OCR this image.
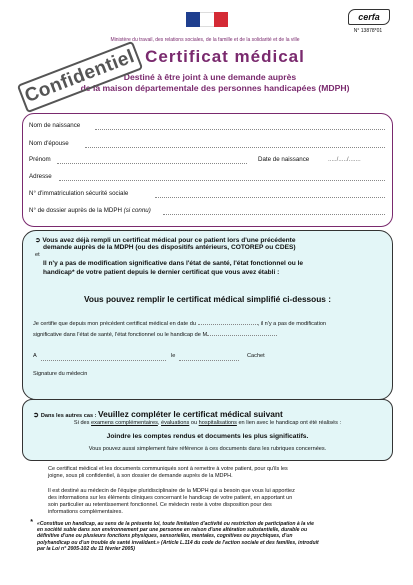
Ministère du travail, des relations sociales, de la famille et de la solidarité et de la ville
cerfa
N° 13878*01
Certificat médical
Destiné à être joint à une demande auprès
de la maison départementale des personnes handicapées (MDPH)
Confidentiel
Nom de naissance
Nom d'épouse
Prénom	Date de naissance	...../...../.......
Adresse
N° d'immatriculation sécurité sociale
N° de dossier auprès de la MDPH (si connu)
➲ Vous avez déjà rempli un certificat médical pour ce patient lors d'une précédente
demande auprès de la MDPH (ou des dispositifs antérieurs, COTOREP ou CDES)
et
Il n'y a pas de modification significative dans l'état de santé, l'état fonctionnel ou le
handicap* de votre patient depuis le dernier certificat que vous avez établi :
Vous pouvez remplir le certificat médical simplifié ci-dessous :
Je certifie que depuis mon précédent certificat médical en date du	, il n'y a pas de modification
significative dans l'état de santé, l'état fonctionnel ou le handicap de M
A	le	Cachet
Signature du médecin
➲ Dans les autres cas : Veuillez compléter le certificat médical suivant
Si des examens complémentaires, évaluations ou hospitalisations en lien avec le handicap ont été réalisés :
Joindre les comptes rendus et documents les plus significatifs.
Vous pouvez aussi simplement faire référence à ces documents dans les rubriques concernées.
Ce certificat médical et les documents communiqués sont à remettre à votre patient, pour qu'ils les
joigne, sous pli confidentiel, à son dossier de demande auprès de la MDPH.
Il est destiné au médecin de l'équipe pluridisciplinaire de la MDPH qui a besoin que vous lui apportiez
des informations sur les éléments cliniques concernant le handicap de votre patient, en apportant un
soin particulier au retentissement fonctionnel. Ce médecin reste à votre disposition pour des
informations complémentaires.
* «Constitue un handicap, au sens de la présente loi, toute limitation d'activité ou restriction de participation à la vie
en société subie dans son environnement par une personne en raison d'une altération substantielle, durable ou
définitive d'une ou plusieurs fonctions physiques, sensorielles, mentales, cognitives ou psychiques, d'un
polyhandicap ou d'un trouble de santé invalidant.» (Article L.114 du code de l'action sociale et des familles, introduit
par la Loi n° 2005-102 du 11 février 2005)
